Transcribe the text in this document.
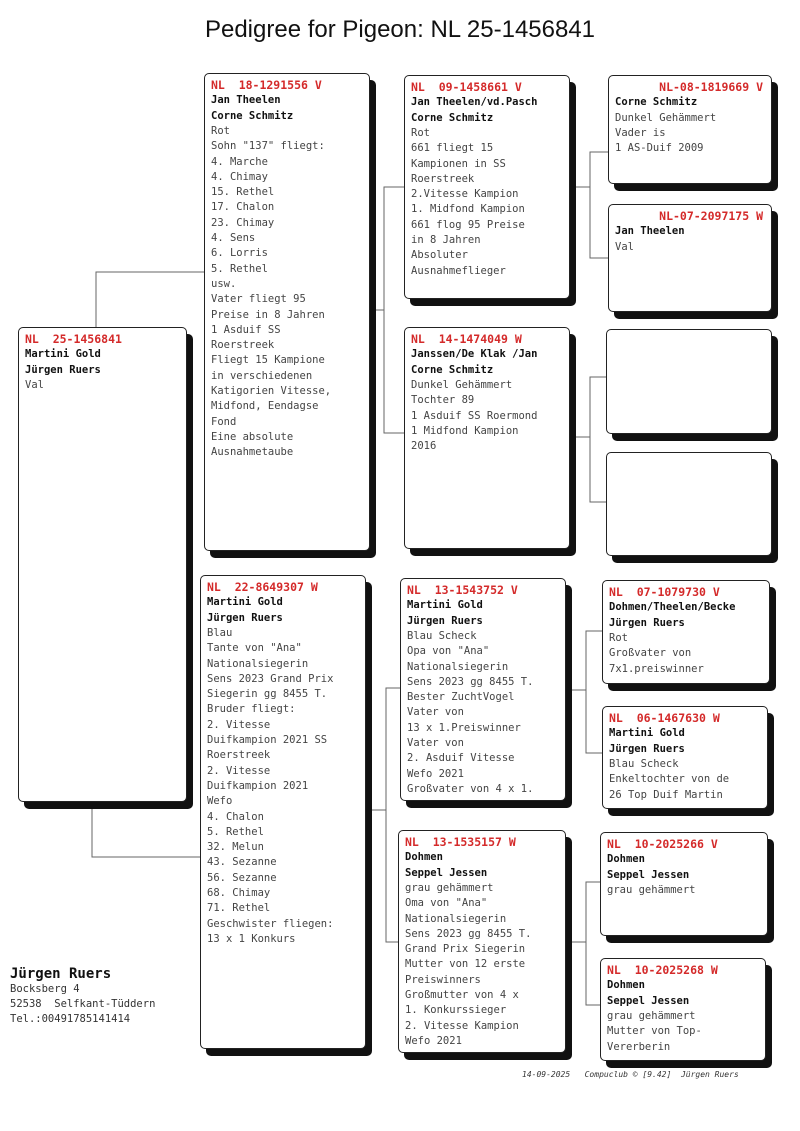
Pedigree for Pigeon: NL 25-1456841
NL  25-1456841
Martini Gold
Jürgen Ruers
Val
NL  18-1291556 V
Jan Theelen
Corne Schmitz
Rot
Sohn "137" fliegt:
4. Marche
4. Chimay
15. Rethel
17. Chalon
23. Chimay
4. Sens
6. Lorris
5. Rethel
usw.
Vater fliegt 95
Preise in 8 Jahren
1 Asduif SS
Roerstreek
Fliegt 15 Kampione
in verschiedenen
Katigorien Vitesse,
Midfond, Eendagse
Fond
Eine absolute
Ausnahmetaube
NL  22-8649307 W
Martini Gold
Jürgen Ruers
Blau
Tante von "Ana"
Nationalsiegerin
Sens 2023 Grand Prix
Siegerin gg 8455 T.
Bruder fliegt:
2. Vitesse
Duifkampion 2021 SS
Roerstreek
2. Vitesse
Duifkampion 2021
Wefo
4. Chalon
5. Rethel
32. Melun
43. Sezanne
56. Sezanne
68. Chimay
71. Rethel
Geschwister fliegen:
13 x 1 Konkurs
NL  09-1458661 V
Jan Theelen/vd.Pasch
Corne Schmitz
Rot
661 fliegt 15
Kampionen in SS
Roerstreek
2.Vitesse Kampion
1. Midfond Kampion
661 flog 95 Preise
in 8 Jahren
Absoluter
Ausnahmeflieger
NL  14-1474049 W
Janssen/De Klak /Jan
Corne Schmitz
Dunkel Gehämmert
Tochter 89
1 Asduif SS Roermond
1 Midfond Kampion
2016
NL  13-1543752 V
Martini Gold
Jürgen Ruers
Blau Scheck
Opa von "Ana"
Nationalsiegerin
Sens 2023 gg 8455 T.
Bester ZuchtVogel
Vater von
13 x 1.Preiswinner
Vater von
2. Asduif Vitesse
Wefo 2021
Großvater von 4 x 1.
NL  13-1535157 W
Dohmen
Seppel Jessen
grau gehämmert
Oma von "Ana"
Nationalsiegerin
Sens 2023 gg 8455 T.
Grand Prix Siegerin
Mutter von 12 erste
Preiswinners
Großmutter von 4 x
1. Konkurssieger
2. Vitesse Kampion
Wefo 2021
NL-08-1819669 V
Corne Schmitz
Dunkel Gehämmert
Vader is
1 AS-Duif 2009
NL-07-2097175 W
Jan Theelen
Val
NL  07-1079730 V
Dohmen/Theelen/Becke
Jürgen Ruers
Rot
Großvater von
7x1.preiswinner
NL  06-1467630 W
Martini Gold
Jürgen Ruers
Blau Scheck
Enkeltochter von de
26 Top Duif Martin
NL  10-2025266 V
Dohmen
Seppel Jessen
grau gehämmert
NL  10-2025268 W
Dohmen
Seppel Jessen
grau gehämmert
Mutter von Top-
Vererberin
Jürgen Ruers
Bocksberg 4
52538  Selfkant-Tüddern
Tel.:00491785141414
14-09-2025   Compuclub © [9.42]  Jürgen Ruers
